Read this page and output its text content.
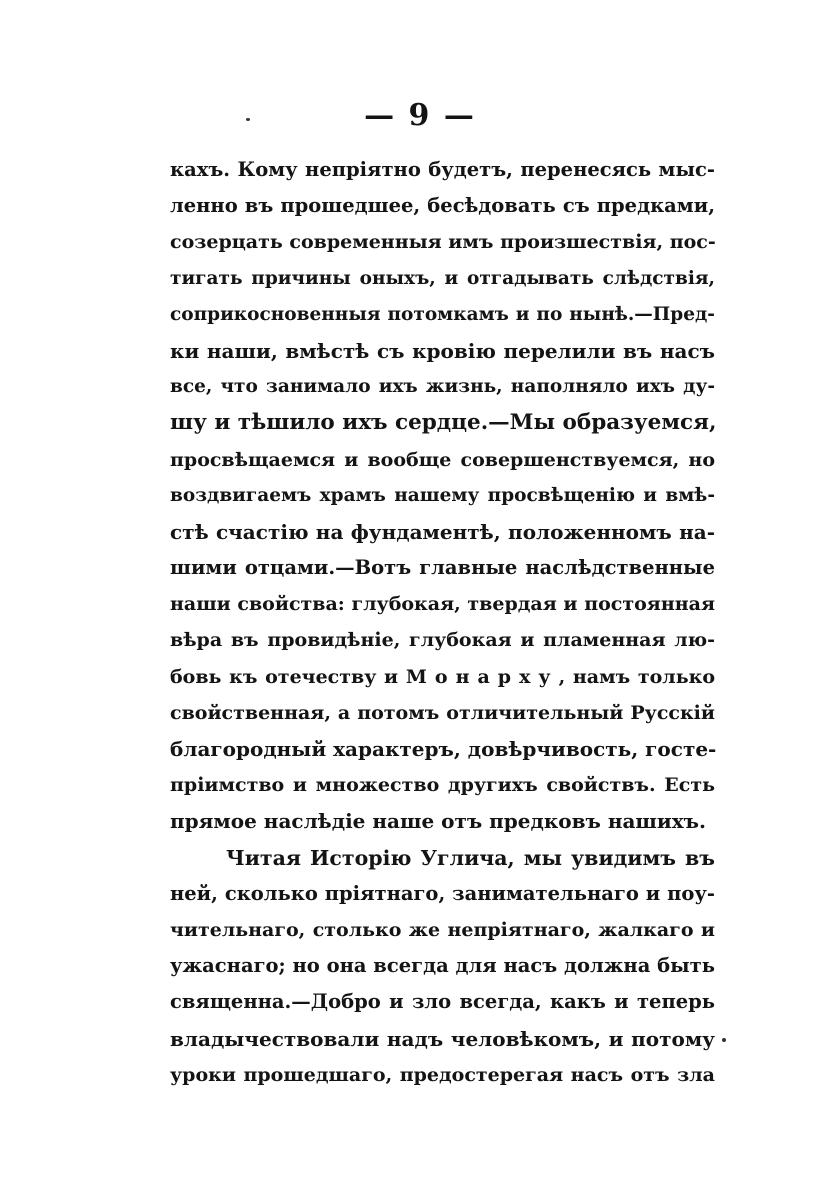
— 9 —
кахъ. Кому непріятно будетъ, перенесясь мыс-
ленно въ прошедшее, бесѣдовать съ предками,
созерцать современныя имъ произшествія, пос-
тигать причины оныхъ, и отгадывать слѣдствія,
соприкосновенныя потомкамъ и по нынѣ.—Пред-
ки наши, вмѣстѣ съ кровію перелили въ насъ
все, что занимало ихъ жизнь, наполняло ихъ ду-
шу и тѣшило ихъ сердце.—Мы образуемся,
просвѣщаемся и вообще совершенствуемся, но
воздвигаемъ храмъ нашему просвѣщенію и вмѣ-
стѣ счастію на фундаментѣ, положенномъ на-
шими отцами.—Вотъ главные наслѣдственные
наши свойства: глубокая, твердая и постоянная
вѣра въ провидѣніе, глубокая и пламенная лю-
бовь къ отечеству и Монарху, намъ только
свойственная, а потомъ отличительный Русскій
благородный характеръ, довѣрчивость, госте-
пріимство и множество другихъ свойствъ. Есть
прямое наслѣдіе наше отъ предковъ нашихъ.
Читая Исторію Углича, мы увидимъ въ
ней, сколько пріятнаго, занимательнаго и поу-
чительнаго, столько же непріятнаго, жалкаго и
ужаснаго; но она всегда для насъ должна быть
священна.—Добро и зло всегда, какъ и теперь
владычествовали надъ человѣкомъ, и потому
уроки прошедшаго, предостерегая насъ отъ зла
